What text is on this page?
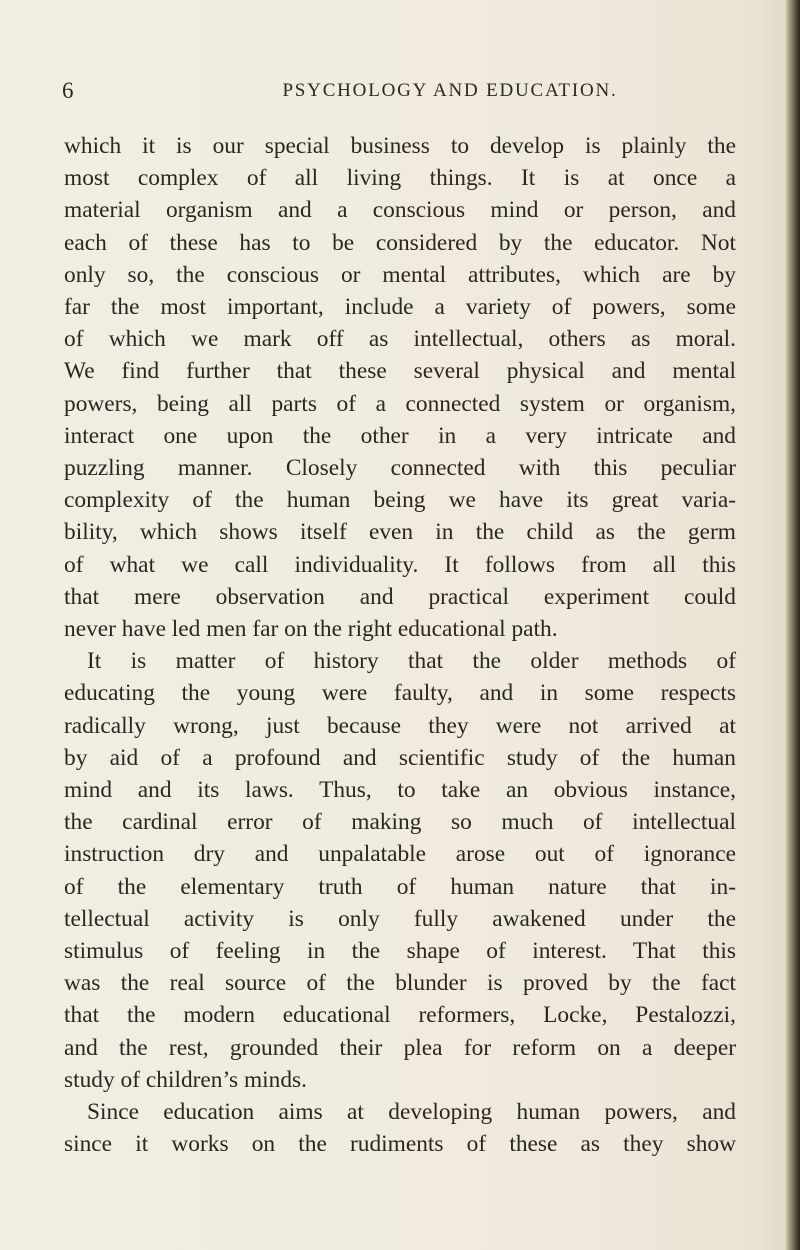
6	PSYCHOLOGY AND EDUCATION.

which it is our special business to develop is plainly the
most complex of all living things. It is at once a
material organism and a conscious mind or person, and
each of these has to be considered by the educator. Not
only so, the conscious or mental attributes, which are by
far the most important, include a variety of powers, some
of which we mark off as intellectual, others as moral.
We find further that these several physical and mental
powers, being all parts of a connected system or organism,
interact one upon the other in a very intricate and
puzzling manner. Closely connected with this peculiar
complexity of the human being we have its great varia-
bility, which shows itself even in the child as the germ
of what we call individuality. It follows from all this
that mere observation and practical experiment could
never have led men far on the right educational path.

It is matter of history that the older methods of
educating the young were faulty, and in some respects
radically wrong, just because they were not arrived at
by aid of a profound and scientific study of the human
mind and its laws. Thus, to take an obvious instance,
the cardinal error of making so much of intellectual
instruction dry and unpalatable arose out of ignorance
of the elementary truth of human nature that in-
tellectual activity is only fully awakened under the
stimulus of feeling in the shape of interest. That this
was the real source of the blunder is proved by the fact
that the modern educational reformers, Locke, Pestalozzi,
and the rest, grounded their plea for reform on a deeper
study of children’s minds.

Since education aims at developing human powers, and
since it works on the rudiments of these as they show
